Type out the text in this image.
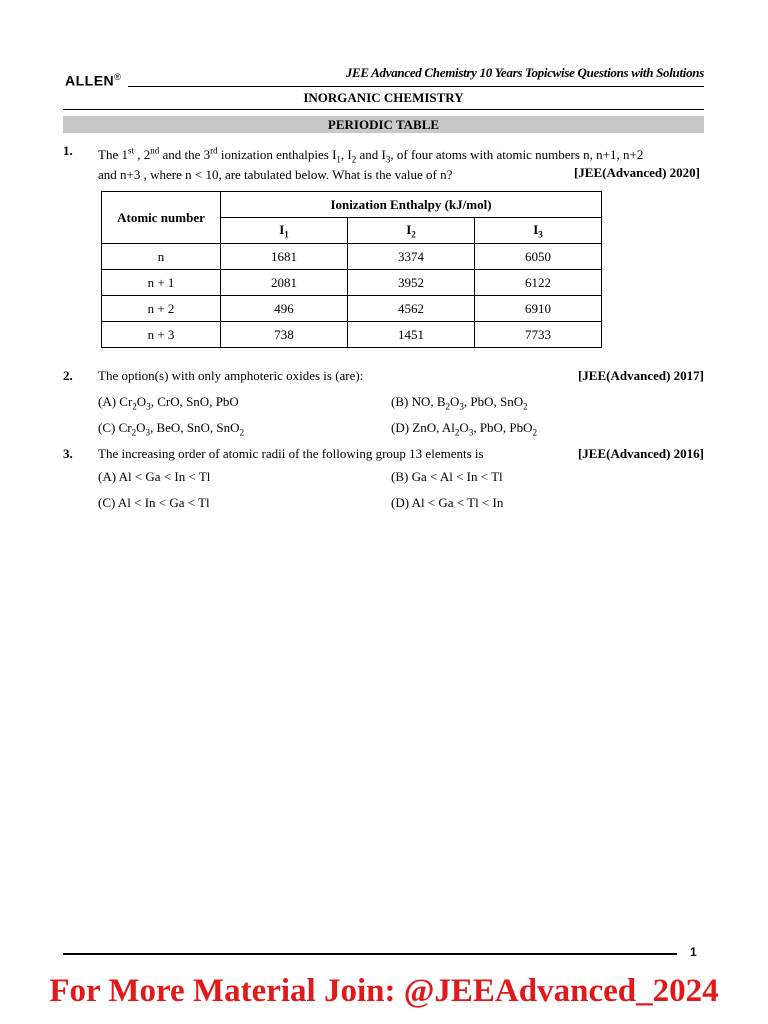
ALLEN®	JEE Advanced Chemistry 10 Years Topicwise Questions with Solutions
INORGANIC CHEMISTRY
PERIODIC TABLE
1. The 1st , 2nd and the 3rd ionization enthalpies $I_1$, $I_2$ and $I_3$, of four atoms with atomic numbers n, n+1, n+2
and n+3 , where n < 10, are tabulated below. What is the value of n?	[JEE(Advanced) 2020]
Atomic number	Ionization Enthalpy (kJ/mol)		
	$I_1$	$I_2$	$I_3$
n	1681	3374	6050
n + 1	2081	3952	6122
n + 2	496	4562	6910
n + 3	738	1451	7733
2. The option(s) with only amphoteric oxides is (are):	[JEE(Advanced) 2017]
(A) $Cr_2O_3$, CrO, SnO, PbO	(B) NO, $B_2O_3$, PbO, SnO$_2$
(C) $Cr_2O_3$, BeO, SnO, SnO$_2$	(D) ZnO, $Al_2O_3$, PbO, PbO$_2$
3. The increasing order of atomic radii of the following group 13 elements is	[JEE(Advanced) 2016]
(A) Al < Ga < In < Tl	(B) Ga < Al < In < Tl
(C) Al < In < Ga < Tl	(D) Al < Ga < Tl < In
1
For More Material Join: @JEEAdvanced_2024
